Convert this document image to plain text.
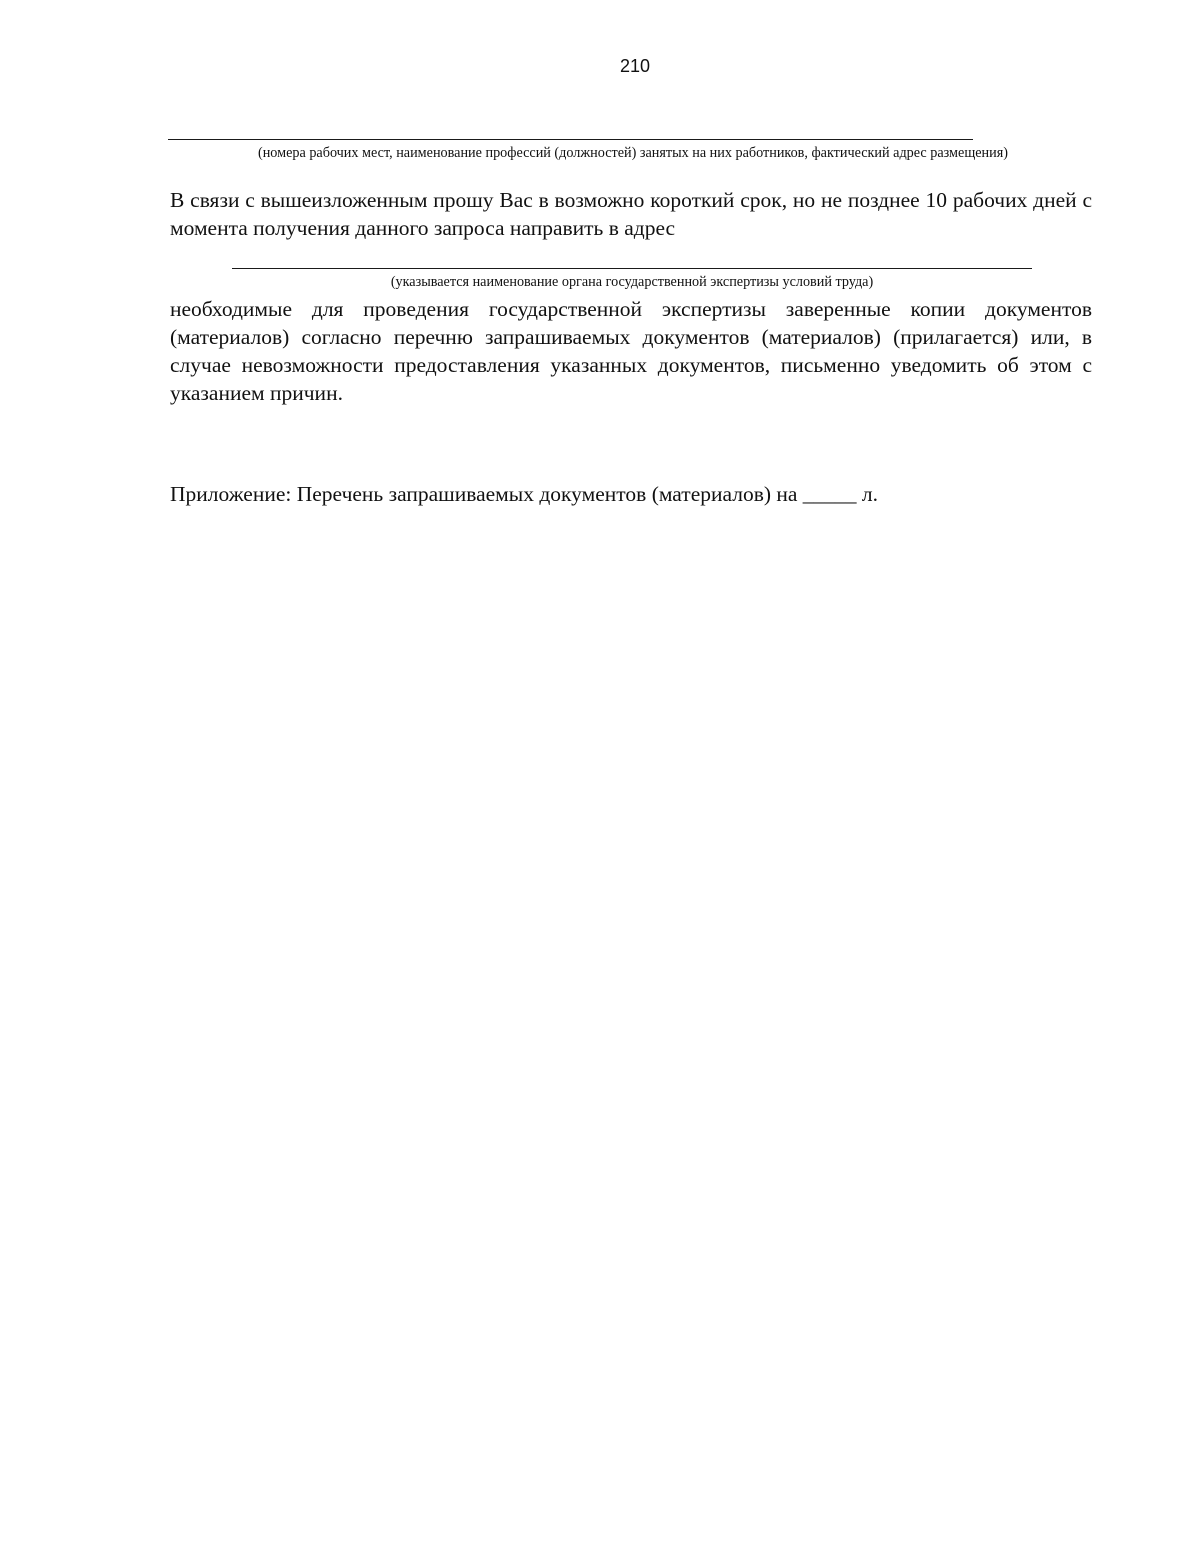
210
(номера рабочих мест, наименование профессий (должностей) занятых на них работников, фактический адрес размещения)
В связи с вышеизложенным прошу Вас в возможно короткий срок, но не позднее 10 рабочих дней с момента получения данного запроса направить в адрес
(указывается наименование органа государственной экспертизы условий труда)
необходимые для проведения государственной экспертизы заверенные копии документов (материалов) согласно перечню запрашиваемых документов (материалов) (прилагается) или, в случае невозможности предоставления указанных документов, письменно уведомить об этом с указанием причин.
Приложение: Перечень запрашиваемых документов (материалов) на _____ л.
